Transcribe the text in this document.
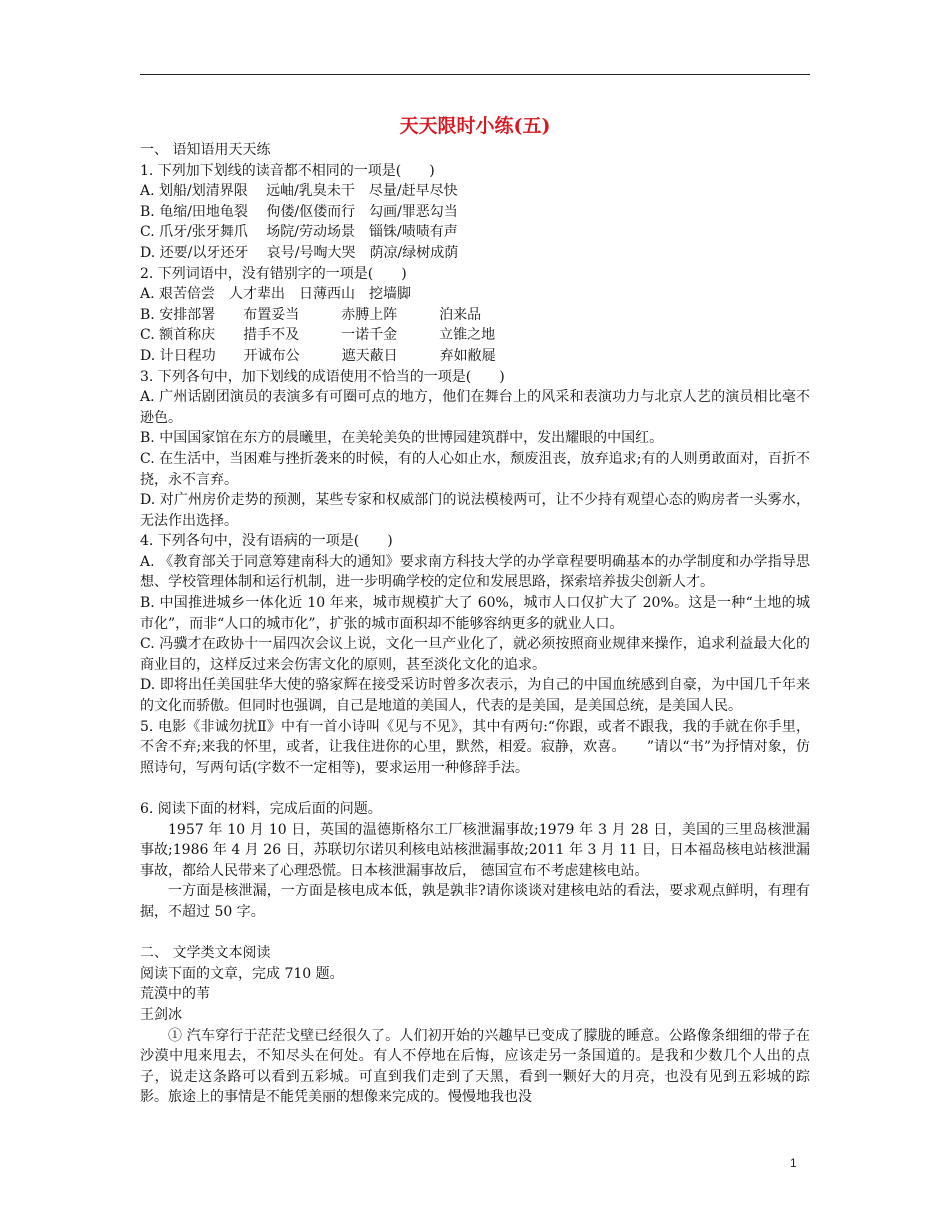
天天限时小练(五)
一、 语知语用天天练
1. 下列加下划线的读音都不相同的一项是(　　)
A. 划船/划清界限　 远岫/乳臭未干　尽量/赶早尽快
B. 龟缩/田地龟裂　 佝偻/伛偻而行　勾画/罪恶勾当
C. 爪牙/张牙舞爪　 场院/劳动场景　锱铢/啧啧有声
D. 还要/以牙还牙　 哀号/号啕大哭　荫凉/绿树成荫
2. 下列词语中，没有错别字的一项是(　　)
A. 艰苦倍尝　人才辈出　日薄西山　挖墙脚
B. 安排部署　　布置妥当　　　赤膊上阵　　　泊来品
C. 额首称庆　　措手不及　　　一诺千金　　　立锥之地
D. 计日程功　　开诚布公　　　遮天蔽日　　　弃如敝屣
3. 下列各句中，加下划线的成语使用不恰当的一项是(　　)
A. 广州话剧团演员的表演多有可圈可点的地方，他们在舞台上的风采和表演功力与北京人艺的演员相比毫不逊色。
B. 中国国家馆在东方的晨曦里，在美轮美奂的世博园建筑群中，发出耀眼的中国红。
C. 在生活中，当困难与挫折袭来的时候，有的人心如止水，颓废沮丧，放弃追求;有的人则勇敢面对，百折不挠，永不言弃。
D. 对广州房价走势的预测，某些专家和权威部门的说法模棱两可，让不少持有观望心态的购房者一头雾水，无法作出选择。
4. 下列各句中，没有语病的一项是(　　)
A. 《教育部关于同意筹建南科大的通知》要求南方科技大学的办学章程要明确基本的办学制度和办学指导思想、学校管理体制和运行机制，进一步明确学校的定位和发展思路，探索培养拔尖创新人才。
B. 中国推进城乡一体化近 10 年来，城市规模扩大了 60%，城市人口仅扩大了 20%。这是一种“土地的城市化”，而非“人口的城市化”，扩张的城市面积却不能够容纳更多的就业人口。
C. 冯骥才在政协十一届四次会议上说，文化一旦产业化了，就必须按照商业规律来操作，追求利益最大化的商业目的，这样反过来会伤害文化的原则，甚至淡化文化的追求。
D. 即将出任美国驻华大使的骆家辉在接受采访时曾多次表示，为自己的中国血统感到自豪，为中国几千年来的文化而骄傲。但同时也强调，自己是地道的美国人，代表的是美国，是美国总统，是美国人民。
5. 电影《非诚勿扰Ⅱ》中有一首小诗叫《见与不见》，其中有两句:“你跟，或者不跟我，我的手就在你手里，不舍不弃;来我的怀里，或者，让我住进你的心里，默然，相爱。寂静，欢喜。　　”请以“书”为抒情对象，仿照诗句，写两句话(字数不一定相等)，要求运用一种修辞手法。
6. 阅读下面的材料，完成后面的问题。
1957 年 10 月 10 日，英国的温德斯格尔工厂核泄漏事故;1979 年 3 月 28 日，美国的三里岛核泄漏事故;1986 年 4 月 26 日，苏联切尔诺贝利核电站核泄漏事故;2011 年 3 月 11 日，日本福岛核电站核泄漏事故，都给人民带来了心理恐慌。日本核泄漏事故后， 德国宣布不考虑建核电站。
一方面是核泄漏，一方面是核电成本低，孰是孰非?请你谈谈对建核电站的看法，要求观点鲜明，有理有据，不超过 50 字。
二、 文学类文本阅读
阅读下面的文章，完成 710 题。
荒漠中的苇
王剑冰
① 汽车穿行于茫茫戈壁已经很久了。人们初开始的兴趣早已变成了朦胧的睡意。公路像条细细的带子在沙漠中甩来甩去，不知尽头在何处。有人不停地在后悔，应该走另一条国道的。是我和少数几个人出的点子，说走这条路可以看到五彩城。可直到我们走到了天黑，看到一颗好大的月亮，也没有见到五彩城的踪影。旅途上的事情是不能凭美丽的想像来完成的。慢慢地我也没
1
